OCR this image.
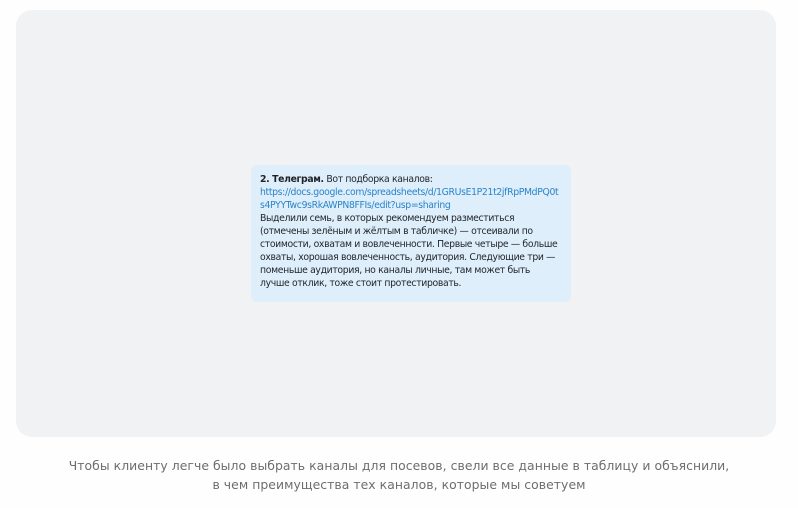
2. Телеграм. Вот подборка каналов:
https://docs.google.com/spreadsheets/d/1GRUsE1P21t2jfRpPMdPQ0ts4PYYTwc9sRkAWPN8FFIs/edit?usp=sharing
Выделили семь, в которых рекомендуем разместиться (отмечены зелёным и жёлтым в табличке) — отсеивали по стоимости, охватам и вовлеченности. Первые четыре — больше охваты, хорошая вовлеченность, аудитория. Следующие три — поменьше аудитория, но каналы личные, там может быть лучше отклик, тоже стоит протестировать.
Чтобы клиенту легче было выбрать каналы для посевов, свели все данные в таблицу и объяснили,
в чем преимущества тех каналов, которые мы советуем
